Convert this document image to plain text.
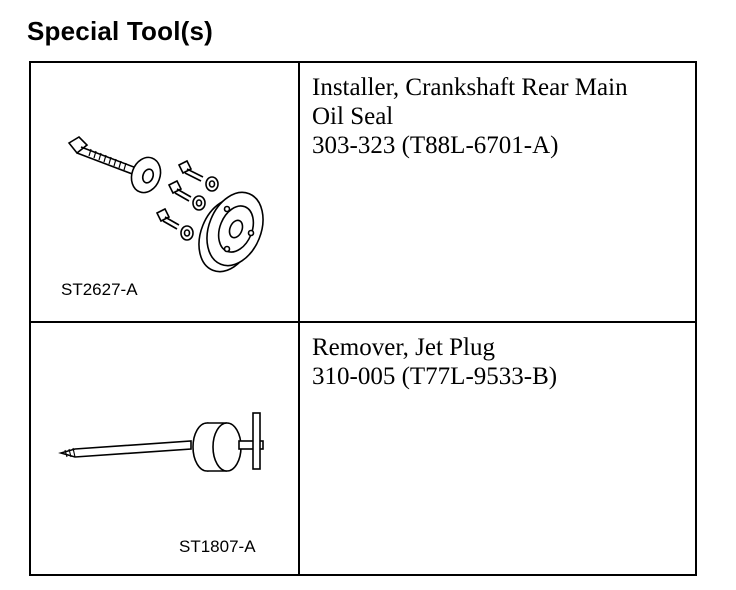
Special Tool(s)
ST2627-A
Installer, Crankshaft Rear Main
Oil Seal
303-323 (T88L-6701-A)
ST1807-A
Remover, Jet Plug
310-005 (T77L-9533-B)
